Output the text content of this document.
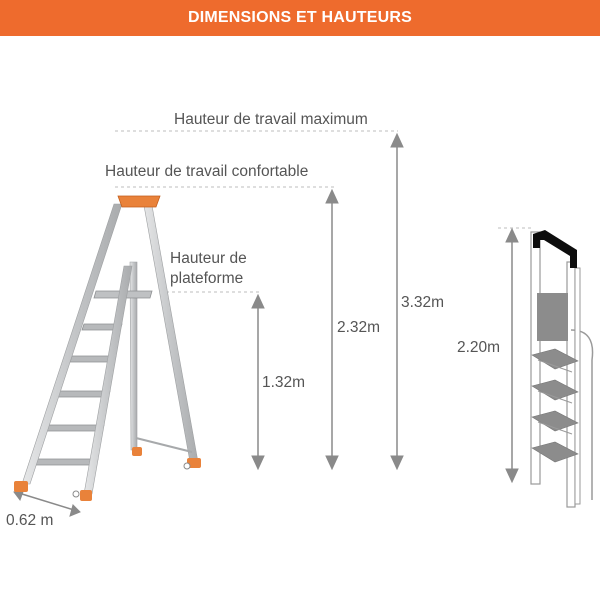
DIMENSIONS ET HAUTEURS
Hauteur de travail maximum
Hauteur de travail confortable
Hauteur de
plateforme
3.32m
2.32m
1.32m
2.20m
0.62 m
